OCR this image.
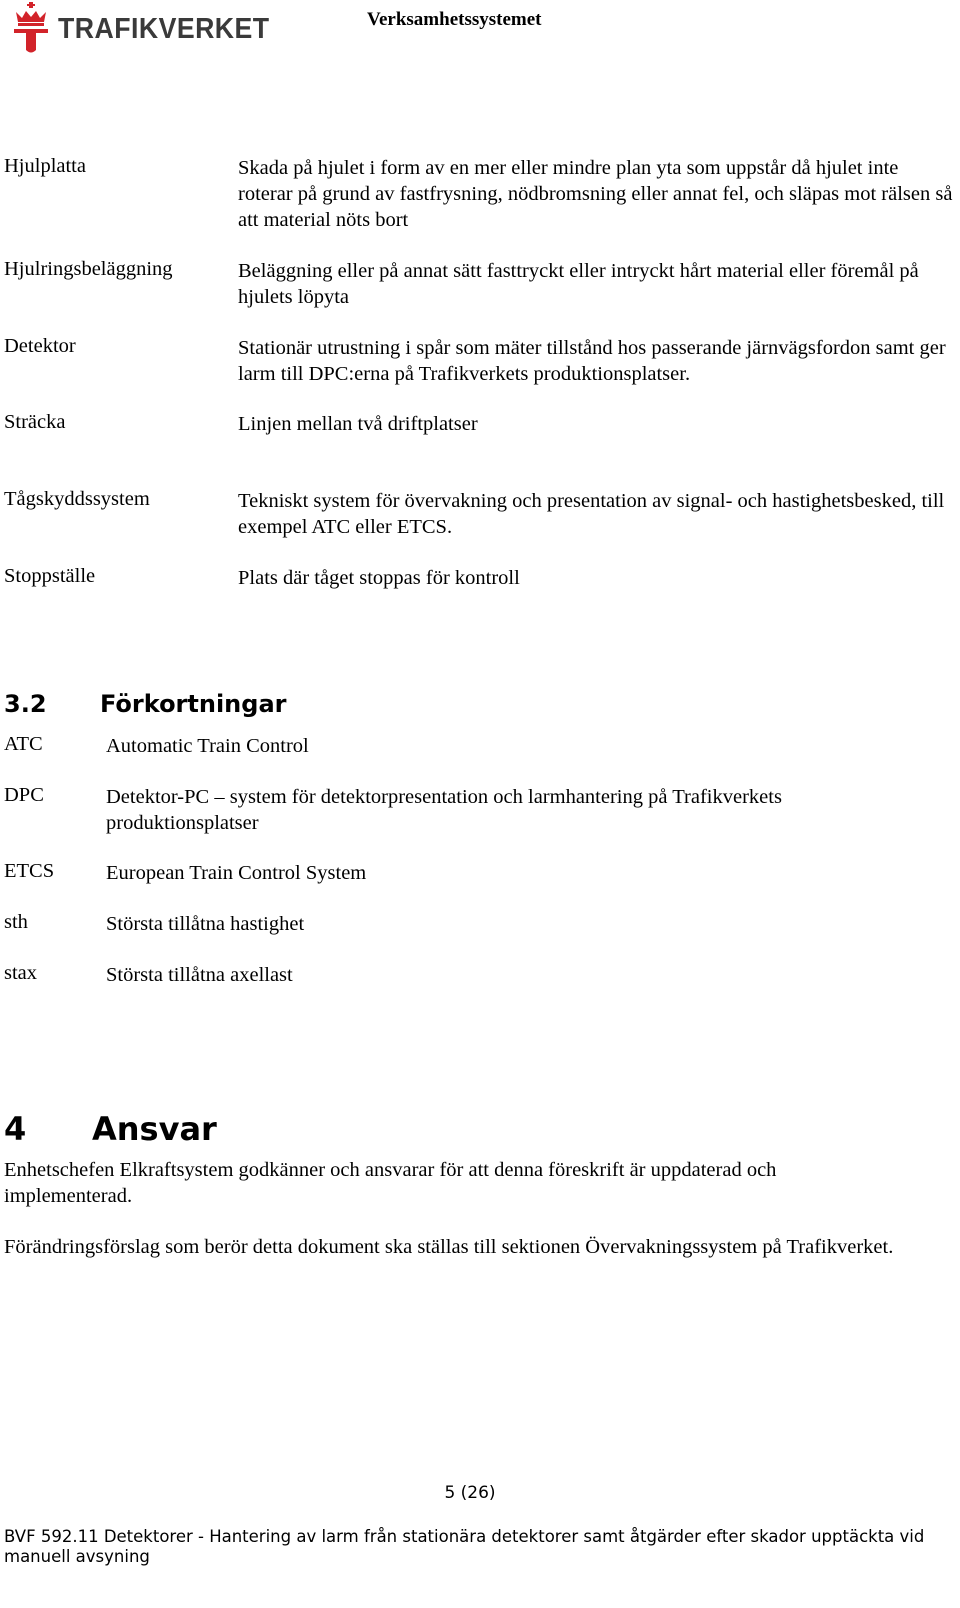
TRAFIKVERKET	Verksamhetssystemet
Hjulplatta	Skada på hjulet i form av en mer eller mindre plan yta som uppstår då hjulet inte roterar på grund av fastfrysning, nödbromsning eller annat fel, och släpas mot rälsen så att material nöts bort
Hjulringsbeläggning	Beläggning eller på annat sätt fasttryckt eller intryckt hårt material eller föremål på hjulets löpyta
Detektor	Stationär utrustning i spår som mäter tillstånd hos passerande järnvägsfordon samt ger larm till DPC:erna på Trafikverkets produktionsplatser.
Sträcka	Linjen mellan två driftplatser
Tågskyddssystem	Tekniskt system för övervakning och presentation av signal- och hastighetsbesked, till exempel ATC eller ETCS.
Stoppställe	Plats där tåget stoppas för kontroll
3.2 Förkortningar
ATC	Automatic Train Control
DPC	Detektor-PC – system för detektorpresentation och larmhantering på Trafikverkets produktionsplatser
ETCS	European Train Control System
sth	Största tillåtna hastighet
stax	Största tillåtna axellast
4 Ansvar
Enhetschefen Elkraftsystem godkänner och ansvarar för att denna föreskrift är uppdaterad och implementerad.
Förändringsförslag som berör detta dokument ska ställas till sektionen Övervakningssystem på Trafikverket.
5 (26)
BVF 592.11 Detektorer - Hantering av larm från stationära detektorer samt åtgärder efter skador upptäckta vid manuell avsyning
